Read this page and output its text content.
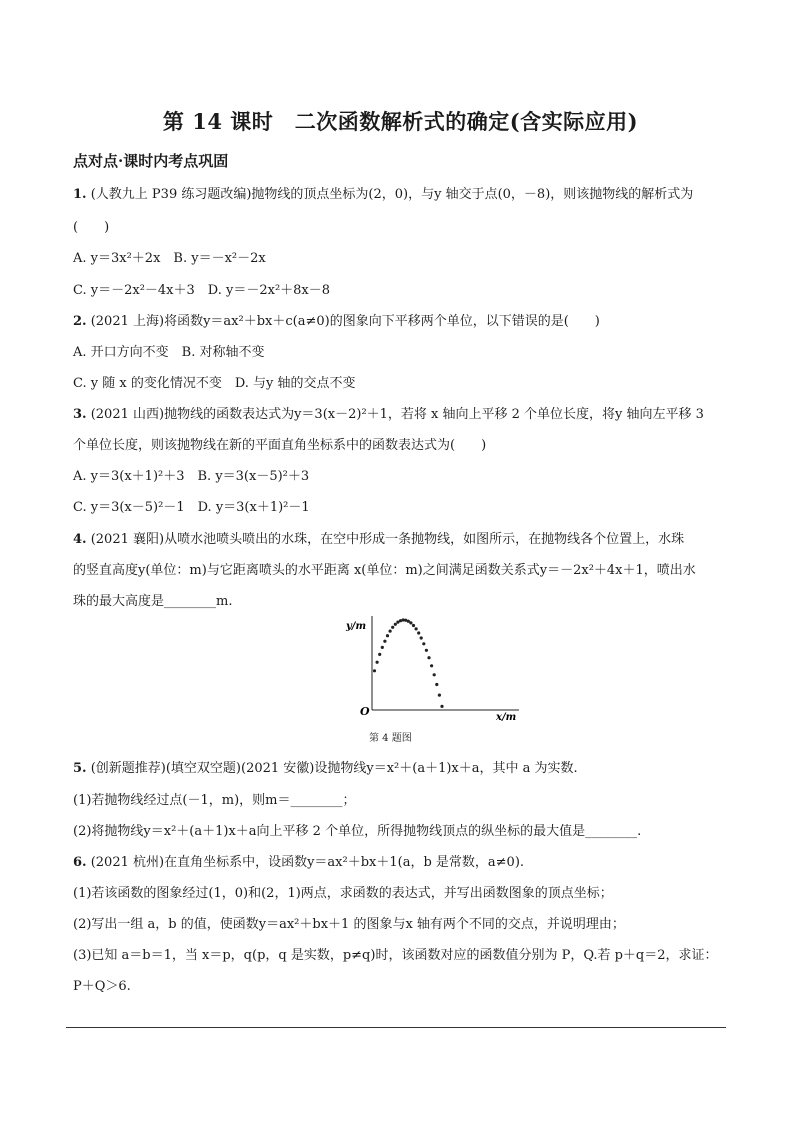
第 14 课时　二次函数解析式的确定(含实际应用)
点对点·课时内考点巩固
1. (人教九上 P39 练习题改编)抛物线的顶点坐标为(2，0)，与y 轴交于点(0，－8)，则该抛物线的解析式为
(　　)
A. y＝3x²＋2x　B. y＝－x²－2x
C. y＝－2x²－4x＋3　D. y＝－2x²＋8x－8
2. (2021 上海)将函数y＝ax²＋bx＋c(a≠0)的图象向下平移两个单位，以下错误的是(　　)
A. 开口方向不变　B. 对称轴不变
C. y 随 x 的变化情况不变　D. 与y 轴的交点不变
3. (2021 山西)抛物线的函数表达式为y＝3(x－2)²＋1，若将 x 轴向上平移 2 个单位长度，将y 轴向左平移 3
个单位长度，则该抛物线在新的平面直角坐标系中的函数表达式为(　　)
A. y＝3(x＋1)²＋3　B. y＝3(x－5)²＋3
C. y＝3(x－5)²－1　D. y＝3(x＋1)²－1
4. (2021 襄阳)从喷水池喷头喷出的水珠，在空中形成一条抛物线，如图所示，在抛物线各个位置上，水珠
的竖直高度y(单位：m)与它距离喷头的水平距离 x(单位：m)之间满足函数关系式y＝－2x²＋4x＋1，喷出水
珠的最大高度是________m.
y/m
x/m
O
第 4 题图
5. (创新题推荐)(填空双空题)(2021 安徽)设抛物线y＝x²＋(a＋1)x＋a，其中 a 为实数.
(1)若抛物线经过点(－1，m)，则m＝________；
(2)将抛物线y＝x²＋(a＋1)x＋a向上平移 2 个单位，所得抛物线顶点的纵坐标的最大值是________.
6. (2021 杭州)在直角坐标系中，设函数y＝ax²＋bx＋1(a，b 是常数，a≠0).
(1)若该函数的图象经过(1，0)和(2，1)两点，求函数的表达式，并写出函数图象的顶点坐标；
(2)写出一组 a，b 的值，使函数y＝ax²＋bx＋1 的图象与x 轴有两个不同的交点，并说明理由；
(3)已知 a＝b＝1，当 x＝p，q(p，q 是实数，p≠q)时，该函数对应的函数值分别为 P，Q.若 p＋q＝2，求证：
P＋Q＞6.
